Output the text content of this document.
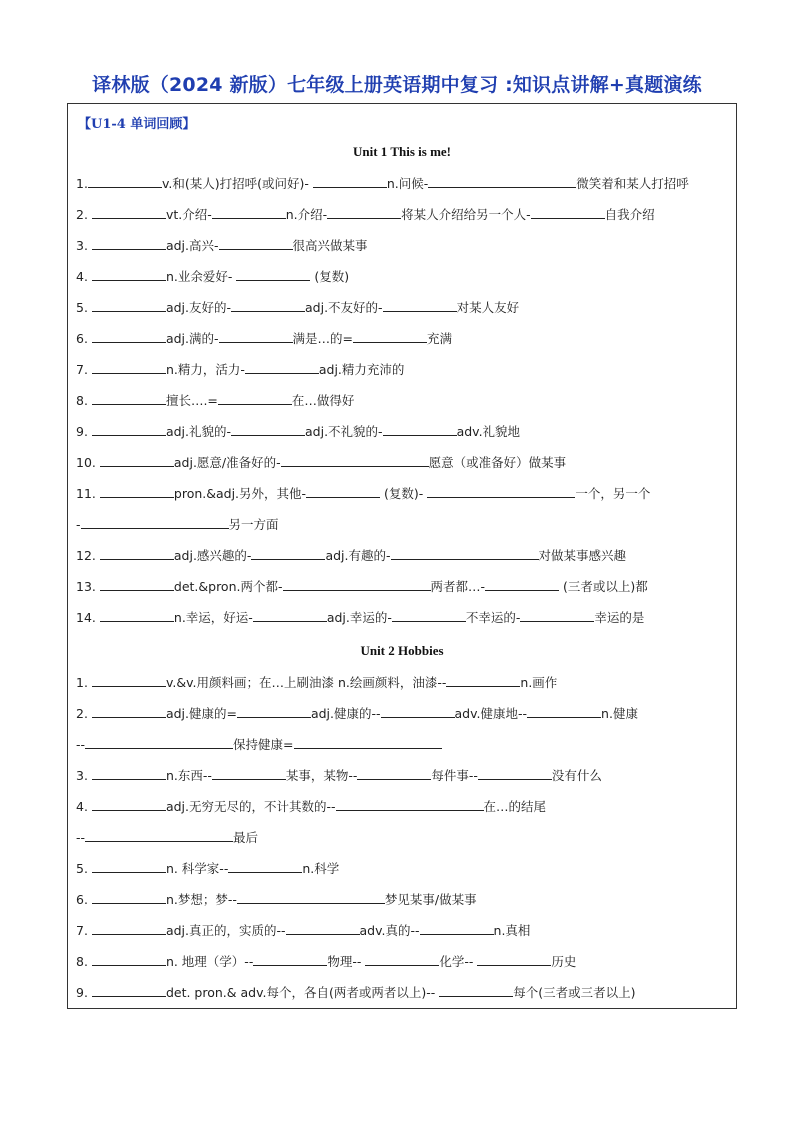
译林版（2024 新版）七年级上册英语期中复习 :知识点讲解+真题演练
【U1-4 单词回顾】
Unit 1 This is me!
1.	v.和(某人)打招呼(或问好)-	n.问候-	微笑着和某人打招呼
2.	vt.介绍-	n.介绍-	将某人介绍给另一个人-	自我介绍
3.	adj.高兴-	很高兴做某事
4.	n.业余爱好-	(复数)
5.	adj.友好的-	adj.不友好的-	对某人友好
6.	adj.满的-	满是…的=	充满
7.	n.精力，活力-	adj.精力充沛的
8.	擅长….=	在…做得好
9.	adj.礼貌的-	adj.不礼貌的-	adv.礼貌地
10.	adj.愿意/准备好的-	愿意（或准备好）做某事
11.	pron.&adj.另外，其他-	(复数)-	一个，另一个
-	另一方面
12.	adj.感兴趣的-	adj.有趣的-	对做某事感兴趣
13.	det.&pron.两个都-	两者都…-	(三者或以上)都
14.	n.幸运，好运-	adj.幸运的-	不幸运的-	幸运的是
Unit 2 Hobbies
1.	v.&v.用颜料画；在…上刷油漆 n.绘画颜料，油漆--	n.画作
2.	adj.健康的=	adj.健康的--	adv.健康地--	n.健康
--	保持健康=
3.	n.东西--	某事，某物--	每件事--	没有什么
4.	adj.无穷无尽的，不计其数的--	在…的结尾
--	最后
5.	n. 科学家--	n.科学
6.	n.梦想；梦--	梦见某事/做某事
7.	adj.真正的，实质的--	adv.真的--	n.真相
8.	n. 地理（学）--	物理--	化学--	历史
9.	det. pron.& adv.每个，各自(两者或两者以上)--	每个(三者或三者以上)
